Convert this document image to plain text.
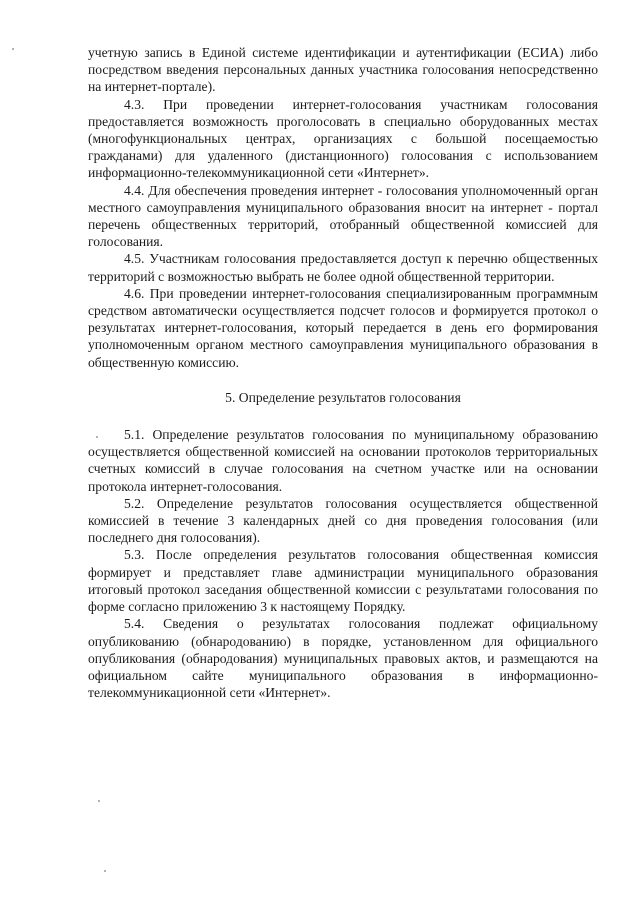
учетную запись в Единой системе идентификации и аутентификации (ЕСИА) либо посредством введения персональных данных участника голосования непосредственно на интернет-портале).

4.3. При проведении интернет-голосования участникам голосования предоставляется возможность проголосовать в специально оборудованных местах (многофункциональных центрах, организациях с большой посещаемостью гражданами) для удаленного (дистанционного) голосования с использованием информационно-телекоммуникационной сети «Интернет».

4.4. Для обеспечения проведения интернет - голосования уполномоченный орган местного самоуправления муниципального образования вносит на интернет - портал перечень общественных территорий, отобранный общественной комиссией для голосования.

4.5. Участникам голосования предоставляется доступ к перечню общественных территорий с возможностью выбрать не более одной общественной территории.

4.6. При проведении интернет-голосования специализированным программным средством автоматически осуществляется подсчет голосов и формируется протокол о результатах интернет-голосования, который передается в день его формирования уполномоченным органом местного самоуправления муниципального образования в общественную комиссию.

5. Определение результатов голосования

5.1. Определение результатов голосования по муниципальному образованию осуществляется общественной комиссией на основании протоколов территориальных счетных комиссий в случае голосования на счетном участке или на основании протокола интернет-голосования.

5.2. Определение результатов голосования осуществляется общественной комиссией в течение 3 календарных дней со дня проведения голосования (или последнего дня голосования).

5.3. После определения результатов голосования общественная комиссия формирует и представляет главе администрации муниципального образования итоговый протокол заседания общественной комиссии с результатами голосования по форме согласно приложению 3 к настоящему Порядку.

5.4. Сведения о результатах голосования подлежат официальному опубликованию (обнародованию) в порядке, установленном для официального опубликования (обнародования) муниципальных правовых актов, и размещаются на официальном сайте муниципального образования в информационно-телекоммуникационной сети «Интернет».
